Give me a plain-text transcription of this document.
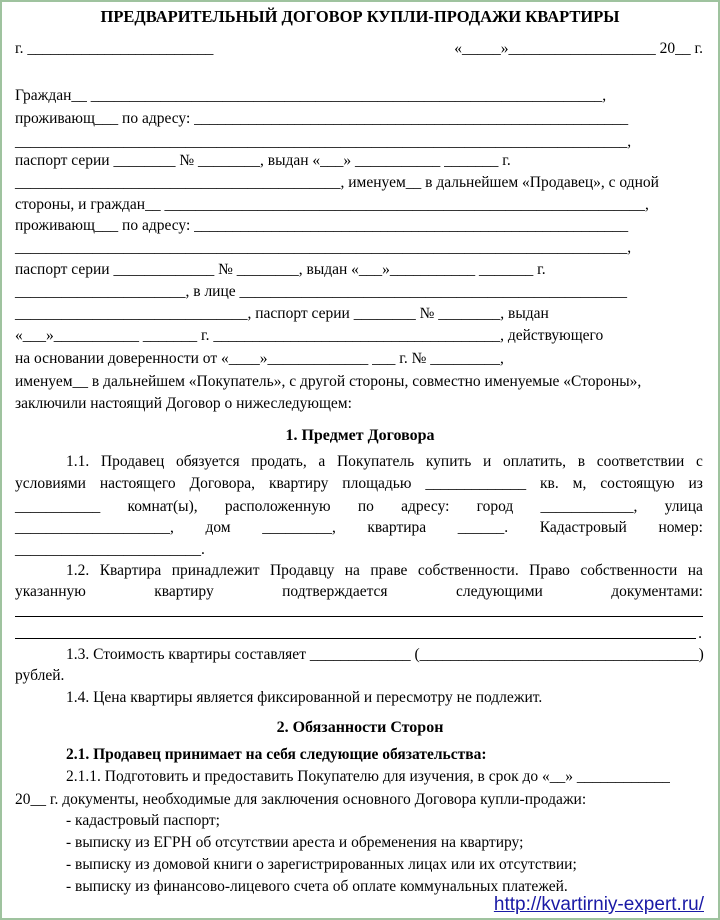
ПРЕДВАРИТЕЛЬНЫЙ ДОГОВОР КУПЛИ-ПРОДАЖИ КВАРТИРЫ
г. ________________________	«_____»___________________ 20__ г.
Граждан__ __________________________________________________________________,
проживающ___ по адресу: ________________________________________________________
_______________________________________________________________________________,
паспорт серии ________ № ________, выдан «___» ___________ _______ г.
__________________________________________, именуем__ в дальнейшем «Продавец», с одной
стороны, и граждан__ ______________________________________________________________,
проживающ___ по адресу: ________________________________________________________
_______________________________________________________________________________,
паспорт серии _____________ № ________, выдан «___»___________ _______ г.
______________________, в лице __________________________________________________
______________________________, паспорт серии ________ № ________, выдан
«___»___________ _______ г. _____________________________________, действующего
на основании доверенности от «____»_____________ ___ г. № _________,
именуем__ в дальнейшем «Покупатель», с другой стороны, совместно именуемые «Стороны»,
заключили настоящий Договор о нижеследующем:
1. Предмет Договора
1.1. Продавец обязуется продать, а Покупатель купить и оплатить, в соответствии с
условиями настоящего Договора, квартиру площадью _____________ кв. м, состоящую из
___________ комнат(ы), расположенную по адресу: город ____________, улица
____________________, дом _________, квартира ______. Кадастровый номер:
________________________.
1.2. Квартира принадлежит Продавцу на праве собственности. Право собственности на
указанную	квартиру	подтверждается	следующими	документами:
.
1.3. Стоимость квартиры составляет _____________ (____________________________________)
рублей.
1.4. Цена квартиры является фиксированной и пересмотру не подлежит.
2. Обязанности Сторон
2.1. Продавец принимает на себя следующие обязательства:
2.1.1. Подготовить и предоставить Покупателю для изучения, в срок до «__» ____________
20__ г. документы, необходимые для заключения основного Договора купли-продажи:
- кадастровый паспорт;
- выписку из ЕГРН об отсутствии ареста и обременения на квартиру;
- выписку из домовой книги о зарегистрированных лицах или их отсутствии;
- выписку из финансово-лицевого счета об оплате коммунальных платежей.
http://kvartirniy-expert.ru/
